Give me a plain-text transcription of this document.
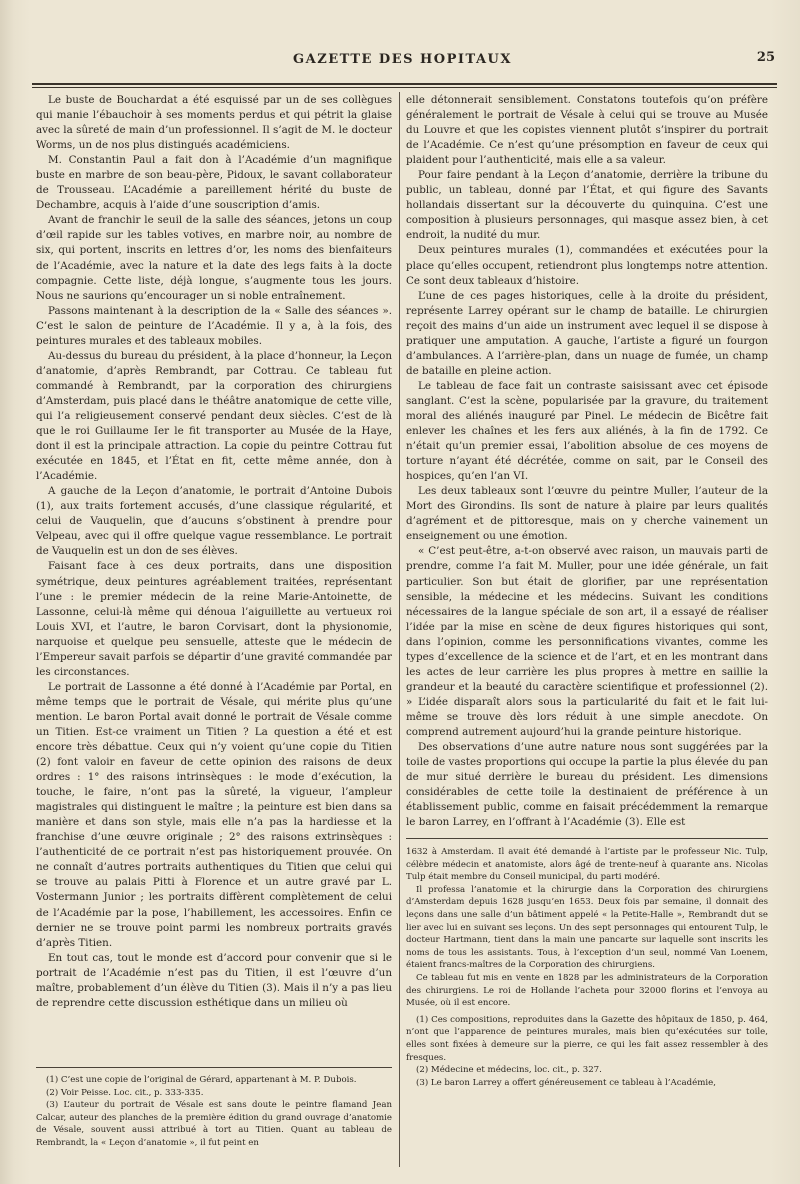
GAZETTE DES HOPITAUX	25

Le buste de Bouchardat a été esquissé par un de ses collègues qui manie l’ébauchoir à ses moments perdus et qui pétrit la glaise avec la sûreté de main d’un professionnel. Il s’agit de M. le docteur Worms, un de nos plus distingués académiciens.

M. Constantin Paul a fait don à l’Académie d’un magnifique buste en marbre de son beau-père, Pidoux, le savant collaborateur de Trousseau. L’Académie a pareillement hérité du buste de Dechambre, acquis à l’aide d’une souscription d’amis.

Avant de franchir le seuil de la salle des séances, jetons un coup d’œil rapide sur les tables votives, en marbre noir, au nombre de six, qui portent, inscrits en lettres d’or, les noms des bienfaiteurs de l’Académie, avec la nature et la date des legs faits à la docte compagnie. Cette liste, déjà longue, s’augmente tous les jours. Nous ne saurions qu’encourager un si noble entraînement.

Passons maintenant à la description de la « Salle des séances ». C’est le salon de peinture de l’Académie. Il y a, à la fois, des peintures murales et des tableaux mobiles.

Au-dessus du bureau du président, à la place d’honneur, la Leçon d’anatomie, d’après Rembrandt, par Cottrau. Ce tableau fut commandé à Rembrandt, par la corporation des chirurgiens d’Amsterdam, puis placé dans le théâtre anatomique de cette ville, qui l’a religieusement conservé pendant deux siècles. C’est de là que le roi Guillaume Ier le fit transporter au Musée de la Haye, dont il est la principale attraction. La copie du peintre Cottrau fut exécutée en 1845, et l’État en fit, cette même année, don à l’Académie.

A gauche de la Leçon d’anatomie, le portrait d’Antoine Dubois (1), aux traits fortement accusés, d’une classique régularité, et celui de Vauquelin, que d’aucuns s’obstinent à prendre pour Velpeau, avec qui il offre quelque vague ressemblance. Le portrait de Vauquelin est un don de ses élèves.

Faisant face à ces deux portraits, dans une disposition symétrique, deux peintures agréablement traitées, représentant l’une : le premier médecin de la reine Marie-Antoinette, de Lassonne, celui-là même qui dénoua l’aiguillette au vertueux roi Louis XVI, et l’autre, le baron Corvisart, dont la physionomie, narquoise et quelque peu sensuelle, atteste que le médecin de l’Empereur savait parfois se départir d’une gravité commandée par les circonstances.

Le portrait de Lassonne a été donné à l’Académie par Portal, en même temps que le portrait de Vésale, qui mérite plus qu’une mention. Le baron Portal avait donné le portrait de Vésale comme un Titien. Est-ce vraiment un Titien ? La question a été et est encore très débattue. Ceux qui n’y voient qu’une copie du Titien (2) font valoir en faveur de cette opinion des raisons de deux ordres : 1° des raisons intrinsèques : le mode d’exécution, la touche, le faire, n’ont pas la sûreté, la vigueur, l’ampleur magistrales qui distinguent le maître ; la peinture est bien dans sa manière et dans son style, mais elle n’a pas la hardiesse et la franchise d’une œuvre originale ; 2° des raisons extrinsèques : l’authenticité de ce portrait n’est pas historiquement prouvée. On ne connaît d’autres portraits authentiques du Titien que celui qui se trouve au palais Pitti à Florence et un autre gravé par L. Vostermann Junior ; les portraits diffèrent complètement de celui de l’Académie par la pose, l’habillement, les accessoires. Enfin ce dernier ne se trouve point parmi les nombreux portraits gravés d’après Titien.

En tout cas, tout le monde est d’accord pour convenir que si le portrait de l’Académie n’est pas du Titien, il est l’œuvre d’un maître, probablement d’un élève du Titien (3). Mais il n’y a pas lieu de reprendre cette discussion esthétique dans un milieu où

(1) C’est une copie de l’original de Gérard, appartenant à M. P. Dubois.

(2) Voir Peisse. Loc. cit., p. 333-335.

(3) L’auteur du portrait de Vésale est sans doute le peintre flamand Jean Calcar, auteur des planches de la première édition du grand ouvrage d’anatomie de Vésale, souvent aussi attribué à tort au Titien. Quant au tableau de Rembrandt, la « Leçon d’anatomie », il fut peint en

elle détonnerait sensiblement. Constatons toutefois qu’on préfère généralement le portrait de Vésale à celui qui se trouve au Musée du Louvre et que les copistes viennent plutôt s’inspirer du portrait de l’Académie. Ce n’est qu’une présomption en faveur de ceux qui plaident pour l’authenticité, mais elle a sa valeur.

Pour faire pendant à la Leçon d’anatomie, derrière la tribune du public, un tableau, donné par l’État, et qui figure des Savants hollandais dissertant sur la découverte du quinquina. C’est une composition à plusieurs personnages, qui masque assez bien, à cet endroit, la nudité du mur.

Deux peintures murales (1), commandées et exécutées pour la place qu’elles occupent, retiendront plus longtemps notre attention. Ce sont deux tableaux d’histoire.

L’une de ces pages historiques, celle à la droite du président, représente Larrey opérant sur le champ de bataille. Le chirurgien reçoit des mains d’un aide un instrument avec lequel il se dispose à pratiquer une amputation. A gauche, l’artiste a figuré un fourgon d’ambulances. A l’arrière-plan, dans un nuage de fumée, un champ de bataille en pleine action.

Le tableau de face fait un contraste saisissant avec cet épisode sanglant. C’est la scène, popularisée par la gravure, du traitement moral des aliénés inauguré par Pinel. Le médecin de Bicêtre fait enlever les chaînes et les fers aux aliénés, à la fin de 1792. Ce n’était qu’un premier essai, l’abolition absolue de ces moyens de torture n’ayant été décrétée, comme on sait, par le Conseil des hospices, qu’en l’an VI.

Les deux tableaux sont l’œuvre du peintre Muller, l’auteur de la Mort des Girondins. Ils sont de nature à plaire par leurs qualités d’agrément et de pittoresque, mais on y cherche vainement un enseignement ou une émotion.

« C’est peut-être, a-t-on observé avec raison, un mauvais parti de prendre, comme l’a fait M. Muller, pour une idée générale, un fait particulier. Son but était de glorifier, par une représentation sensible, la médecine et les médecins. Suivant les conditions nécessaires de la langue spéciale de son art, il a essayé de réaliser l’idée par la mise en scène de deux figures historiques qui sont, dans l’opinion, comme les personnifications vivantes, comme les types d’excellence de la science et de l’art, et en les montrant dans les actes de leur carrière les plus propres à mettre en saillie la grandeur et la beauté du caractère scientifique et professionnel (2). » L’idée disparaît alors sous la particularité du fait et le fait lui-même se trouve dès lors réduit à une simple anecdote. On comprend autrement aujourd’hui la grande peinture historique.

Des observations d’une autre nature nous sont suggérées par la toile de vastes proportions qui occupe la partie la plus élevée du pan de mur situé derrière le bureau du président. Les dimensions considérables de cette toile la destinaient de préférence à un établissement public, comme en faisait précédemment la remarque le baron Larrey, en l’offrant à l’Académie (3). Elle est

1632 à Amsterdam. Il avait été demandé à l’artiste par le professeur Nic. Tulp, célèbre médecin et anatomiste, alors âgé de trente-neuf à quarante ans. Nicolas Tulp était membre du Conseil municipal, du parti modéré.

Il professa l’anatomie et la chirurgie dans la Corporation des chirurgiens d’Amsterdam depuis 1628 jusqu’en 1653. Deux fois par semaine, il donnait des leçons dans une salle d’un bâtiment appelé « la Petite-Halle », Rembrandt dut se lier avec lui en suivant ses leçons. Un des sept personnages qui entourent Tulp, le docteur Hartmann, tient dans la main une pancarte sur laquelle sont inscrits les noms de tous les assistants. Tous, à l’exception d’un seul, nommé Van Loenem, étaient francs-maîtres de la Corporation des chirurgiens.

Ce tableau fut mis en vente en 1828 par les administrateurs de la Corporation des chirurgiens. Le roi de Hollande l’acheta pour 32000 florins et l’envoya au Musée, où il est encore.

(1) Ces compositions, reproduites dans la Gazette des hôpitaux de 1850, p. 464, n’ont que l’apparence de peintures murales, mais bien qu’exécutées sur toile, elles sont fixées à demeure sur la pierre, ce qui les fait assez ressembler à des fresques.

(2) Médecine et médecins, loc. cit., p. 327.

(3) Le baron Larrey a offert généreusement ce tableau à l’Académie,
